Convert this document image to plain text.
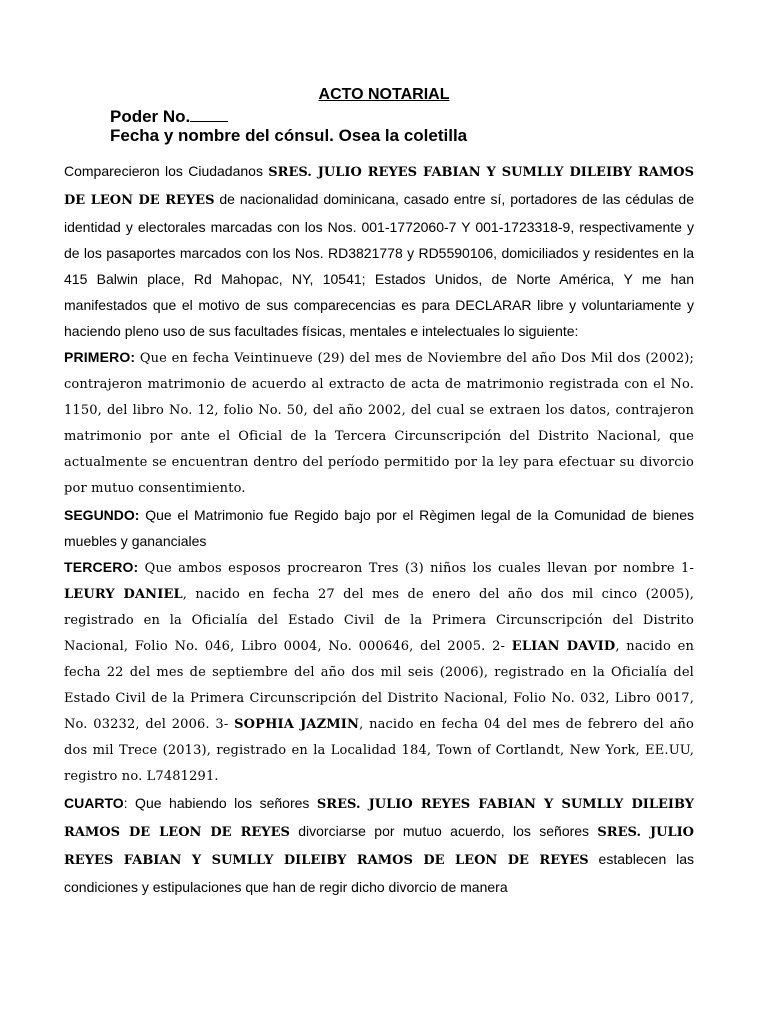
ACTO NOTARIAL

Poder No.

Fecha y nombre del cónsul. Osea la coletilla

Comparecieron los Ciudadanos SRES. JULIO REYES FABIAN Y SUMLLY DILEIBY RAMOS DE LEON DE REYES de nacionalidad dominicana, casado entre sí, portadores de las cédulas de identidad y electorales marcadas con los Nos. 001-1772060-7 Y 001-1723318-9, respectivamente y de los pasaportes marcados con los Nos. RD3821778 y RD5590106, domiciliados y residentes en la 415 Balwin place, Rd Mahopac, NY, 10541; Estados Unidos, de Norte América, Y me han manifestados que el motivo de sus comparecencias es para DECLARAR libre y voluntariamente y haciendo pleno uso de sus facultades físicas, mentales e intelectuales lo siguiente:

PRIMERO: Que en fecha Veintinueve (29) del mes de Noviembre del año Dos Mil dos (2002); contrajeron matrimonio de acuerdo al extracto de acta de matrimonio registrada con el No. 1150, del libro No. 12, folio No. 50, del año 2002, del cual se extraen los datos, contrajeron matrimonio por ante el Oficial de la Tercera Circunscripción del Distrito Nacional, que actualmente se encuentran dentro del período permitido por la ley para efectuar su divorcio por mutuo consentimiento.

SEGUNDO: Que el Matrimonio fue Regido bajo por el Règimen legal de la Comunidad de bienes muebles y gananciales

TERCERO: Que ambos esposos procrearon Tres (3) niños los cuales llevan por nombre 1-LEURY DANIEL, nacido en fecha 27 del mes de enero del año dos mil cinco (2005), registrado en la Oficialía del Estado Civil de la Primera Circunscripción del Distrito Nacional, Folio No. 046, Libro 0004, No. 000646, del 2005. 2- ELIAN DAVID, nacido en fecha 22 del mes de septiembre del año dos mil seis (2006), registrado en la Oficialía del Estado Civil de la Primera Circunscripción del Distrito Nacional, Folio No. 032, Libro 0017, No. 03232, del 2006. 3- SOPHIA JAZMIN, nacido en fecha 04 del mes de febrero del año dos mil Trece (2013), registrado en la Localidad 184, Town of Cortlandt, New York, EE.UU, registro no. L7481291.

CUARTO: Que habiendo los señores SRES. JULIO REYES FABIAN Y SUMLLY DILEIBY RAMOS DE LEON DE REYES divorciarse por mutuo acuerdo, los señores SRES. JULIO REYES FABIAN Y SUMLLY DILEIBY RAMOS DE LEON DE REYES establecen las condiciones y estipulaciones que han de regir dicho divorcio de manera
